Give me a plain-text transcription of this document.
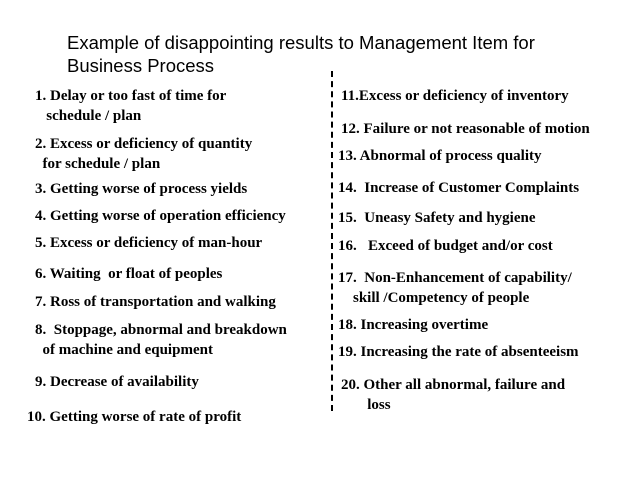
Example of disappointing results to Management Item for Business Process
1. Delay or too fast of time for
schedule / plan
2. Excess or deficiency of quantity
for schedule / plan
3. Getting worse of process yields
4. Getting worse of operation efficiency
5. Excess or deficiency of man-hour
6. Waiting  or float of peoples
7. Ross of transportation and walking
8.  Stoppage, abnormal and breakdown
of machine and equipment
9. Decrease of availability
10. Getting worse of rate of profit
11.Excess or deficiency of inventory
12. Failure or not reasonable of motion
13. Abnormal of process quality
14.  Increase of Customer Complaints
15.  Uneasy Safety and hygiene
16.   Exceed of budget and/or cost
17.  Non-Enhancement of capability/
skill /Competency of people
18. Increasing overtime
19. Increasing the rate of absenteeism
20. Other all abnormal, failure and
loss
